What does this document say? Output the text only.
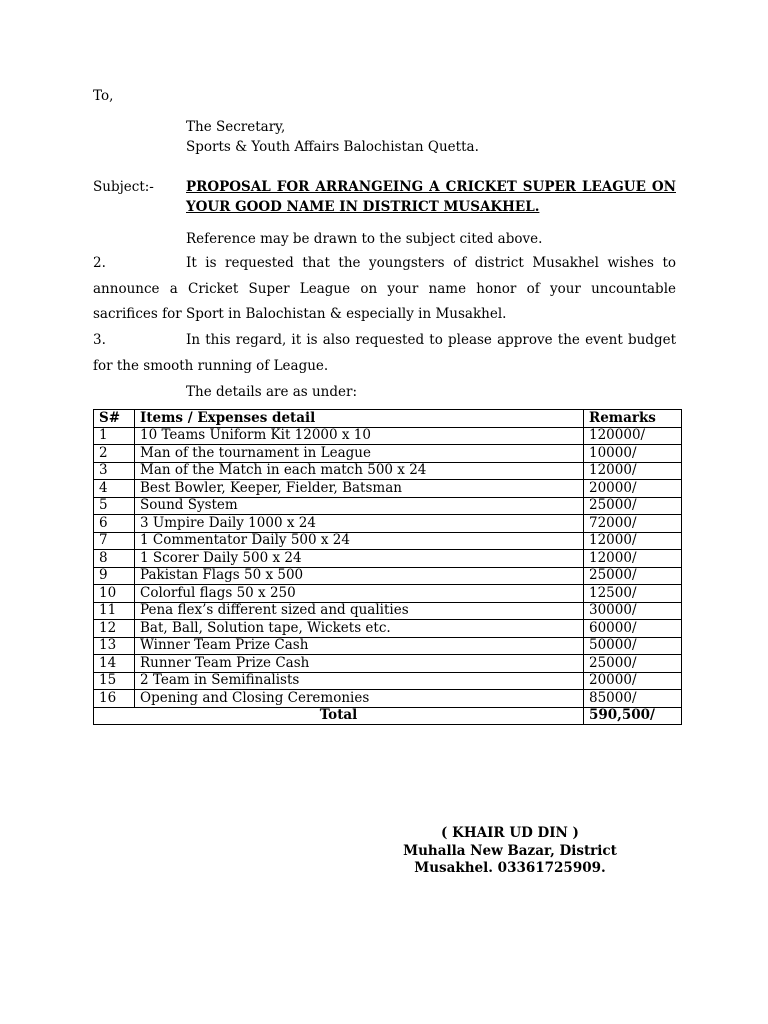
To,
The Secretary,
Sports & Youth Affairs Balochistan Quetta.
Subject:- PROPOSAL FOR ARRANGEING A CRICKET SUPER LEAGUE ON YOUR GOOD NAME IN DISTRICT MUSAKHEL.
Reference may be drawn to the subject cited above.
2.	It is requested that the youngsters of district Musakhel wishes to announce a Cricket Super League on your name honor of your uncountable sacrifices for Sport in Balochistan & especially in Musakhel.
3.	In this regard, it is also requested to please approve the event budget for the smooth running of League.
The details are as under:
S#	Items / Expenses detail	Remarks
1	10 Teams Uniform Kit 12000 x 10	120000/
2	Man of the tournament in League	10000/
3	Man of the Match in each match 500 x 24	12000/
4	Best Bowler, Keeper, Fielder, Batsman	20000/
5	Sound System	25000/
6	3 Umpire Daily 1000 x 24	72000/
7	1 Commentator Daily 500 x 24	12000/
8	1 Scorer Daily 500 x 24	12000/
9	Pakistan Flags 50 x 500	25000/
10	Colorful flags 50 x 250	12500/
11	Pena flex’s different sized and qualities	30000/
12	Bat, Ball, Solution tape, Wickets etc.	60000/
13	Winner Team Prize Cash	50000/
14	Runner Team Prize Cash	25000/
15	2 Team in Semifinalists	20000/
16	Opening and Closing Ceremonies	85000/
Total		590,500/
( KHAIR UD DIN )
Muhalla New Bazar, District
Musakhel. 03361725909.
